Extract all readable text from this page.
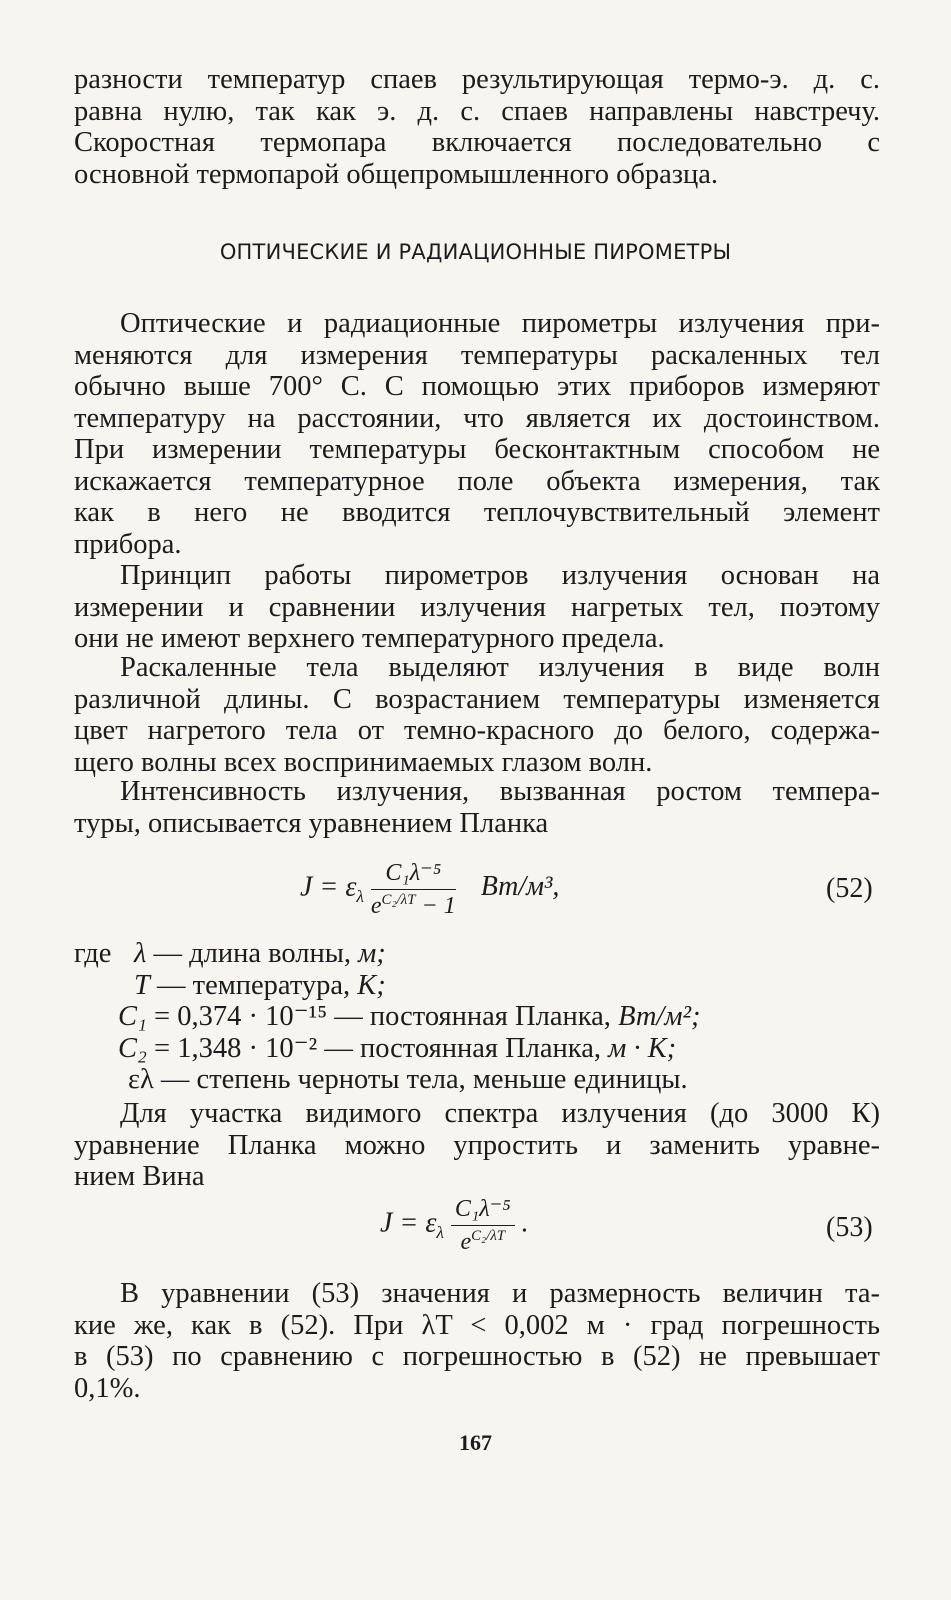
разности температур спаев результирующая термо-э. д. с.
равна нулю, так как э. д. с. спаев направлены навстречу.
Скоростная термопара включается последовательно с
основной термопарой общепромышленного образца.
ОПТИЧЕСКИЕ И РАДИАЦИОННЫЕ ПИРОМЕТРЫ
Оптические и радиационные пирометры излучения при-
меняются для измерения температуры раскаленных тел
обычно выше 700° С. С помощью этих приборов измеряют
температуру на расстоянии, что является их достоинством.
При измерении температуры бесконтактным способом не
искажается температурное поле объекта измерения, так
как в него не вводится теплочувствительный элемент
прибора.
Принцип работы пирометров излучения основан на
измерении и сравнении излучения нагретых тел, поэтому
они не имеют верхнего температурного предела.
Раскаленные тела выделяют излучения в виде волн
различной длины. С возрастанием температуры изменяется
цвет нагретого тела от темно-красного до белого, содержа-
щего волны всех воспринимаемых глазом волн.
Интенсивность излучения, вызванная ростом темпера-
туры, описывается уравнением Планка
$J = \varepsilon_\lambda \frac{\text{C₁λ⁻⁵}}{e^{C_2/\lambda T} - 1} Вт/м^3$,	(52)
где λ — длина волны, м;
T — температура, K;
C₁ = 0,374 · 10⁻¹⁵ — постоянная Планка, Вт/м²;
C₂ = 1,348 · 10⁻² — постоянная Планка, м · К;
ελ — степень черноты тела, меньше единицы.
Для участка видимого спектра излучения (до 3000 К)
уравнение Планка можно упростить и заменить уравне-
нием Вина
$J = \varepsilon_\lambda \frac{\text{C₁λ⁻⁵}}{e^{C_2/\lambda T}}$ .	(53)
В уравнении (53) значения и размерность величин та-
кие же, как в (52). При λT < 0,002 м · град погрешность
в (53) по сравнению с погрешностью в (52) не превышает
0,1%.
167
